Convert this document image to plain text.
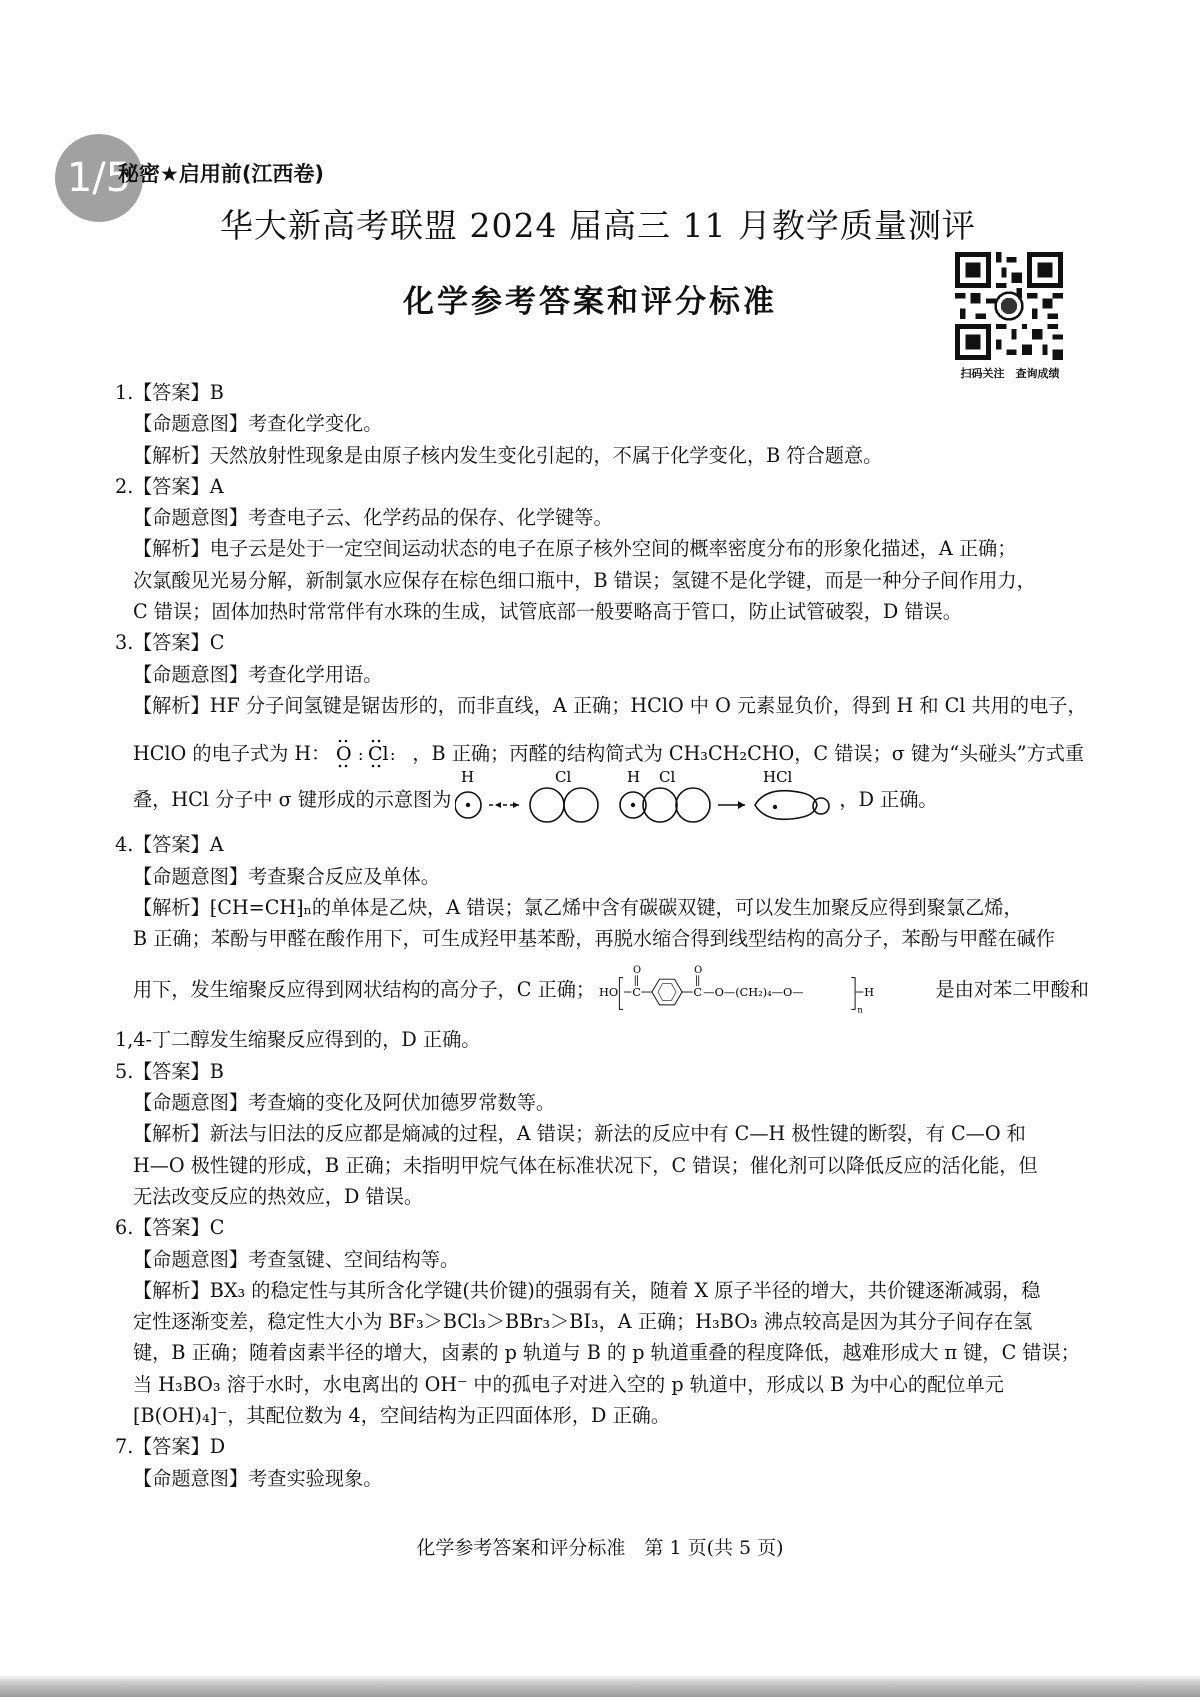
1/5
秘密★启用前(江西卷)
华大新高考联盟 2024 届高三 11 月教学质量测评
化学参考答案和评分标准
扫码关注　查询成绩
1. 【答案】B
【命题意图】考查化学变化。
【解析】天然放射性现象是由原子核内发生变化引起的，不属于化学变化，B 符合题意。
2. 【答案】A
【命题意图】考查电子云、化学药品的保存、化学键等。
【解析】电子云是处于一定空间运动状态的电子在原子核外空间的概率密度分布的形象化描述，A 正确；
次氯酸见光易分解，新制氯水应保存在棕色细口瓶中，B 错误；氢键不是化学键，而是一种分子间作用力，
C 错误；固体加热时常常伴有水珠的生成，试管底部一般要略高于管口，防止试管破裂，D 错误。
3. 【答案】C
【命题意图】考查化学用语。
【解析】HF 分子间氢键是锯齿形的，而非直线，A 正确；HClO 中 O 元素显负价，得到 H 和 Cl 共用的电子，
HClO 的电子式为 H： O : Cl : ，B 正确；丙醛的结构简式为 CH₃CH₂CHO，C 错误；σ 键为“头碰头”方式重
叠，HCl 分子中 σ 键形成的示意图为
H	Cl	H Cl	HCl
，D 正确。
4. 【答案】A
【命题意图】考查聚合反应及单体。
【解析】⁅CH=CH⁆ₙ的单体是乙炔，A 错误；氯乙烯中含有碳碳双键，可以发生加聚反应得到聚氯乙烯，
B 正确；苯酚与甲醛在酸作用下，可生成羟甲基苯酚，再脱水缩合得到线型结构的高分子，苯酚与甲醛在碱作
用下，发生缩聚反应得到网状结构的高分子，C 正确； HO C
O
C
O
—O—(CH₂)₄—O—
n
H	是由对苯二甲酸和
1,4-丁二醇发生缩聚反应得到的，D 正确。
5. 【答案】B
【命题意图】考查熵的变化及阿伏加德罗常数等。
【解析】新法与旧法的反应都是熵减的过程，A 错误；新法的反应中有 C—H 极性键的断裂，有 C—O 和
H—O 极性键的形成，B 正确；未指明甲烷气体在标准状况下，C 错误；催化剂可以降低反应的活化能，但
无法改变反应的热效应，D 错误。
6. 【答案】C
【命题意图】考查氢键、空间结构等。
【解析】BX₃ 的稳定性与其所含化学键(共价键)的强弱有关，随着 X 原子半径的增大，共价键逐渐减弱，稳
定性逐渐变差，稳定性大小为 BF₃＞BCl₃＞BBr₃＞BI₃，A 正确；H₃BO₃ 沸点较高是因为其分子间存在氢
键，B 正确；随着卤素半径的增大，卤素的 p 轨道与 B 的 p 轨道重叠的程度降低，越难形成大 π 键，C 错误；
当 H₃BO₃ 溶于水时，水电离出的 OH⁻ 中的孤电子对进入空的 p 轨道中，形成以 B 为中心的配位单元
[B(OH)₄]⁻，其配位数为 4，空间结构为正四面体形，D 正确。
7. 【答案】D
【命题意图】考查实验现象。
化学参考答案和评分标准　第 1 页(共 5 页)
